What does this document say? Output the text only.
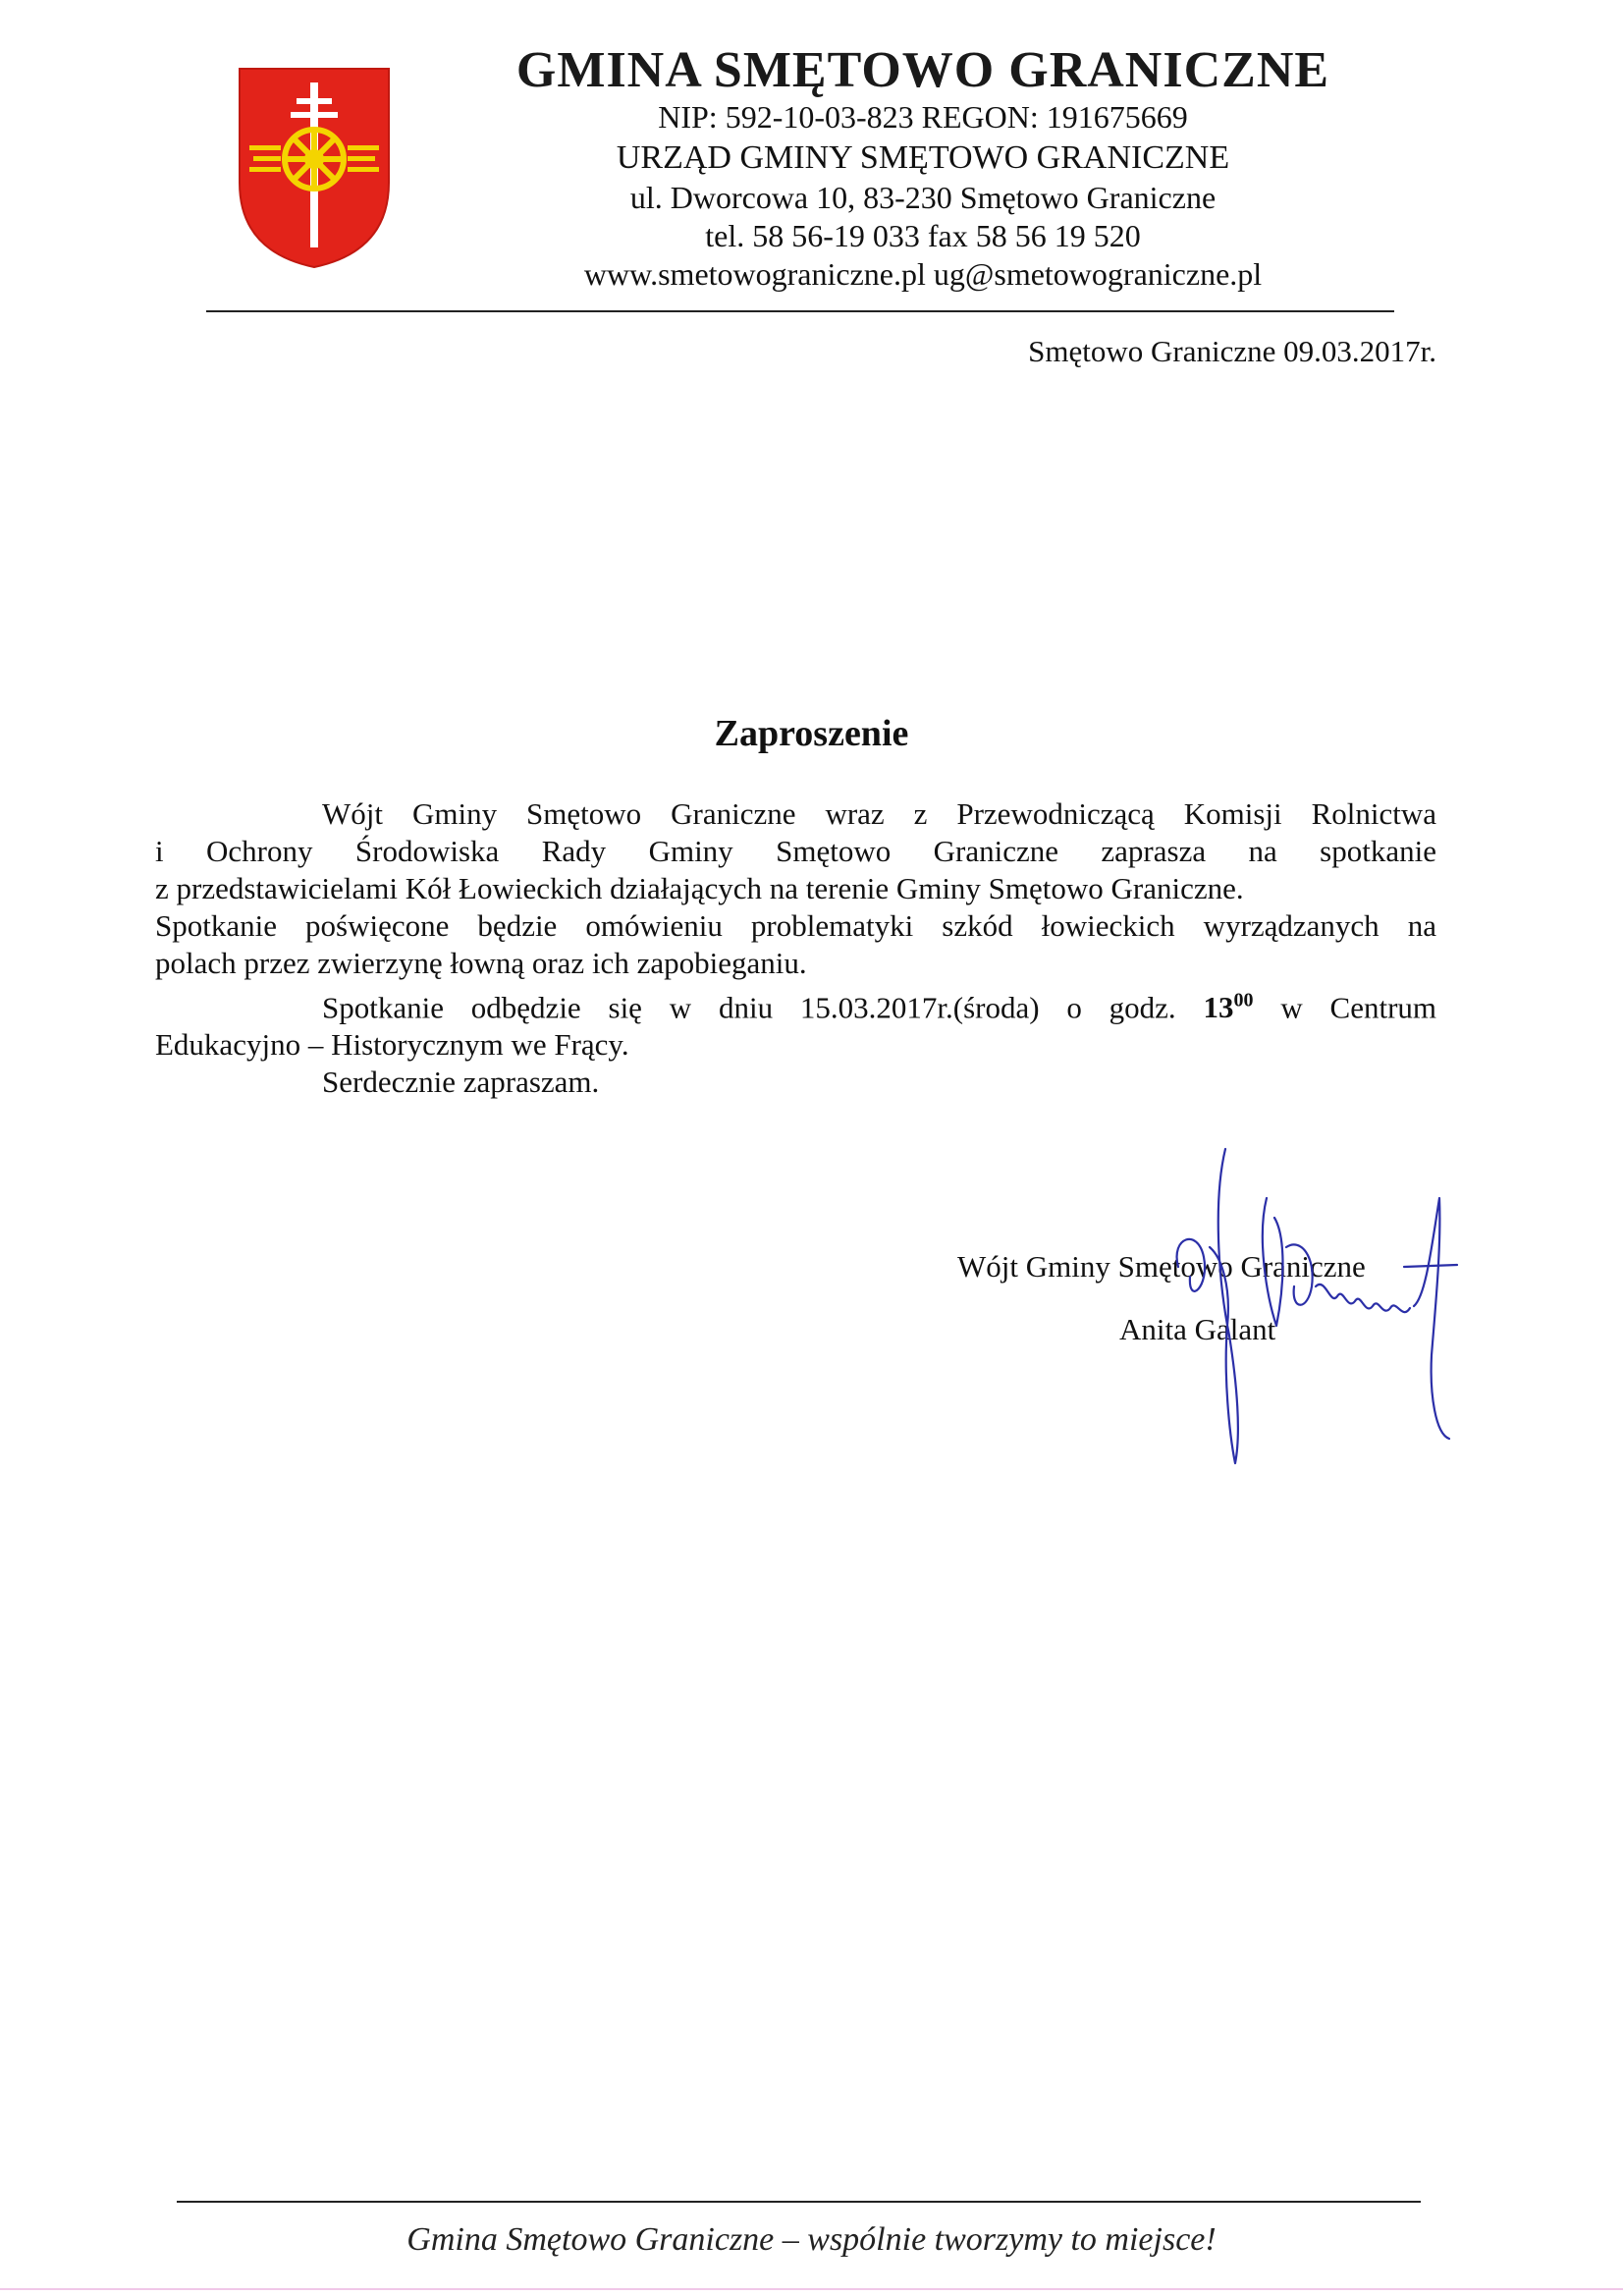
GMINA SMĘTOWO GRANICZNE
NIP: 592-10-03-823 REGON: 191675669
URZĄD GMINY SMĘTOWO GRANICZNE
ul. Dworcowa 10, 83-230 Smętowo Graniczne
tel. 58 56-19 033 fax 58 56 19 520
www.smetowograniczne.pl ug@smetowograniczne.pl
Smętowo Graniczne 09.03.2017r.
Zaproszenie

Wójt Gminy Smętowo Graniczne wraz z Przewodniczącą Komisji Rolnictwa

i Ochrony Środowiska Rady Gminy Smętowo Graniczne zaprasza na spotkanie

z przedstawicielami Kół Łowieckich działających na terenie Gminy Smętowo Graniczne.

Spotkanie poświęcone będzie omówieniu problematyki szkód łowieckich wyrządzanych na

polach przez zwierzynę łowną oraz ich zapobieganiu.

Spotkanie odbędzie się w dniu 15.03.2017r.(środa) o godz. $13^{00}$ w Centrum

Edukacyjno – Historycznym we Frący.

Serdecznie zapraszam.

Wójt Gminy Smętowo Graniczne
Anita Galant
Gmina Smętowo Graniczne – wspólnie tworzymy to miejsce!
